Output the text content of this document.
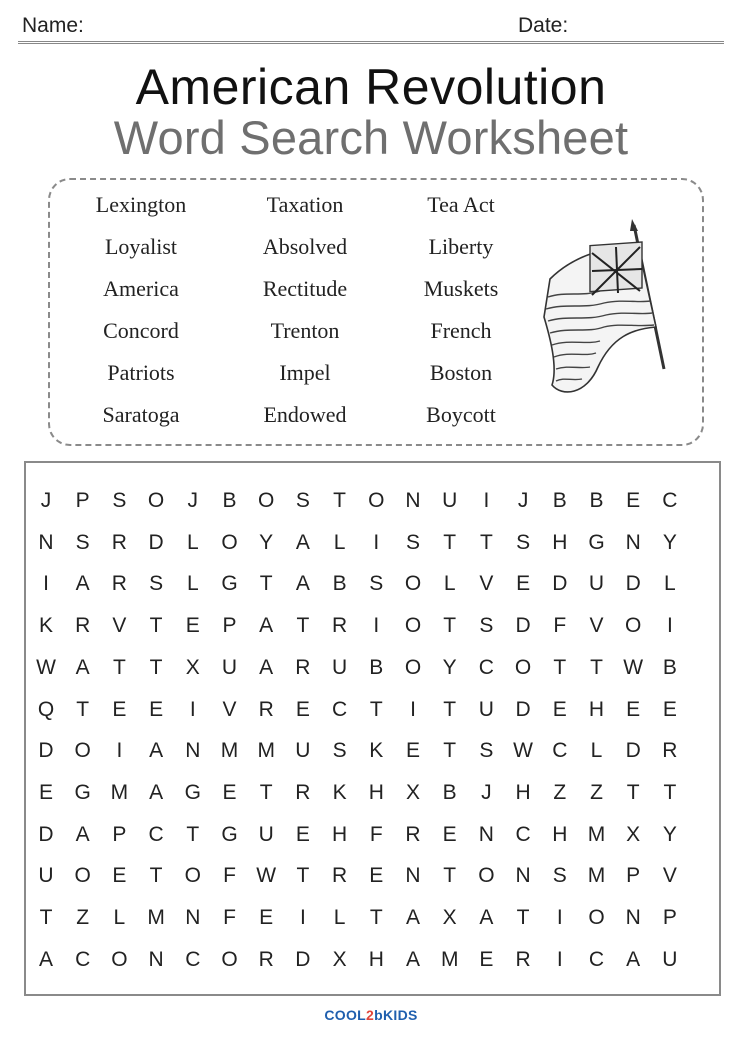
Name:	Date:
American Revolution
Word Search Worksheet
Lexington	Taxation	Tea Act
Loyalist	Absolved	Liberty
America	Rectitude	Muskets
Concord	Trenton	French
Patriots	Impel	Boston
Saratoga	Endowed	Boycott
J	P	S	O	J	B	O	S	T	O N	U	I	J	B	B	E	C
N	S	R	D	L	O	Y	A	L	I	S	T	T	S	H G N	Y
I	A	R	S	L	G	T	A	B	S	O	L	V	E	D	U	D	L
K	R	V	T	E	P	A	T	R	I	O	T	S	D	F	V	O	I
W A	T	T	X	U	A	R	U	B	O	Y	C O	T	T W B
Q	T	E	E	I	V	R	E	C	T	I	T	U	D	E	H	E	E
D O	I	A	N M M U	S	K	E	T	S W C	L	D	R
E	G M A	G	E	T	R	K	H	X	B	J	H	Z	Z	T	T
D	A	P	C	T	G U	E	H	F	R	E	N	C	H M X	Y
U O	E	T	O	F W T	R	E	N	T	O N	S M P	V
T	Z	L	M N	F	E	I	L	T	A	X	A	T	I	O N	P
A	C O N	C O R	D	X	H	A M E	R	I	C	A	U
COOL2bKIDS
